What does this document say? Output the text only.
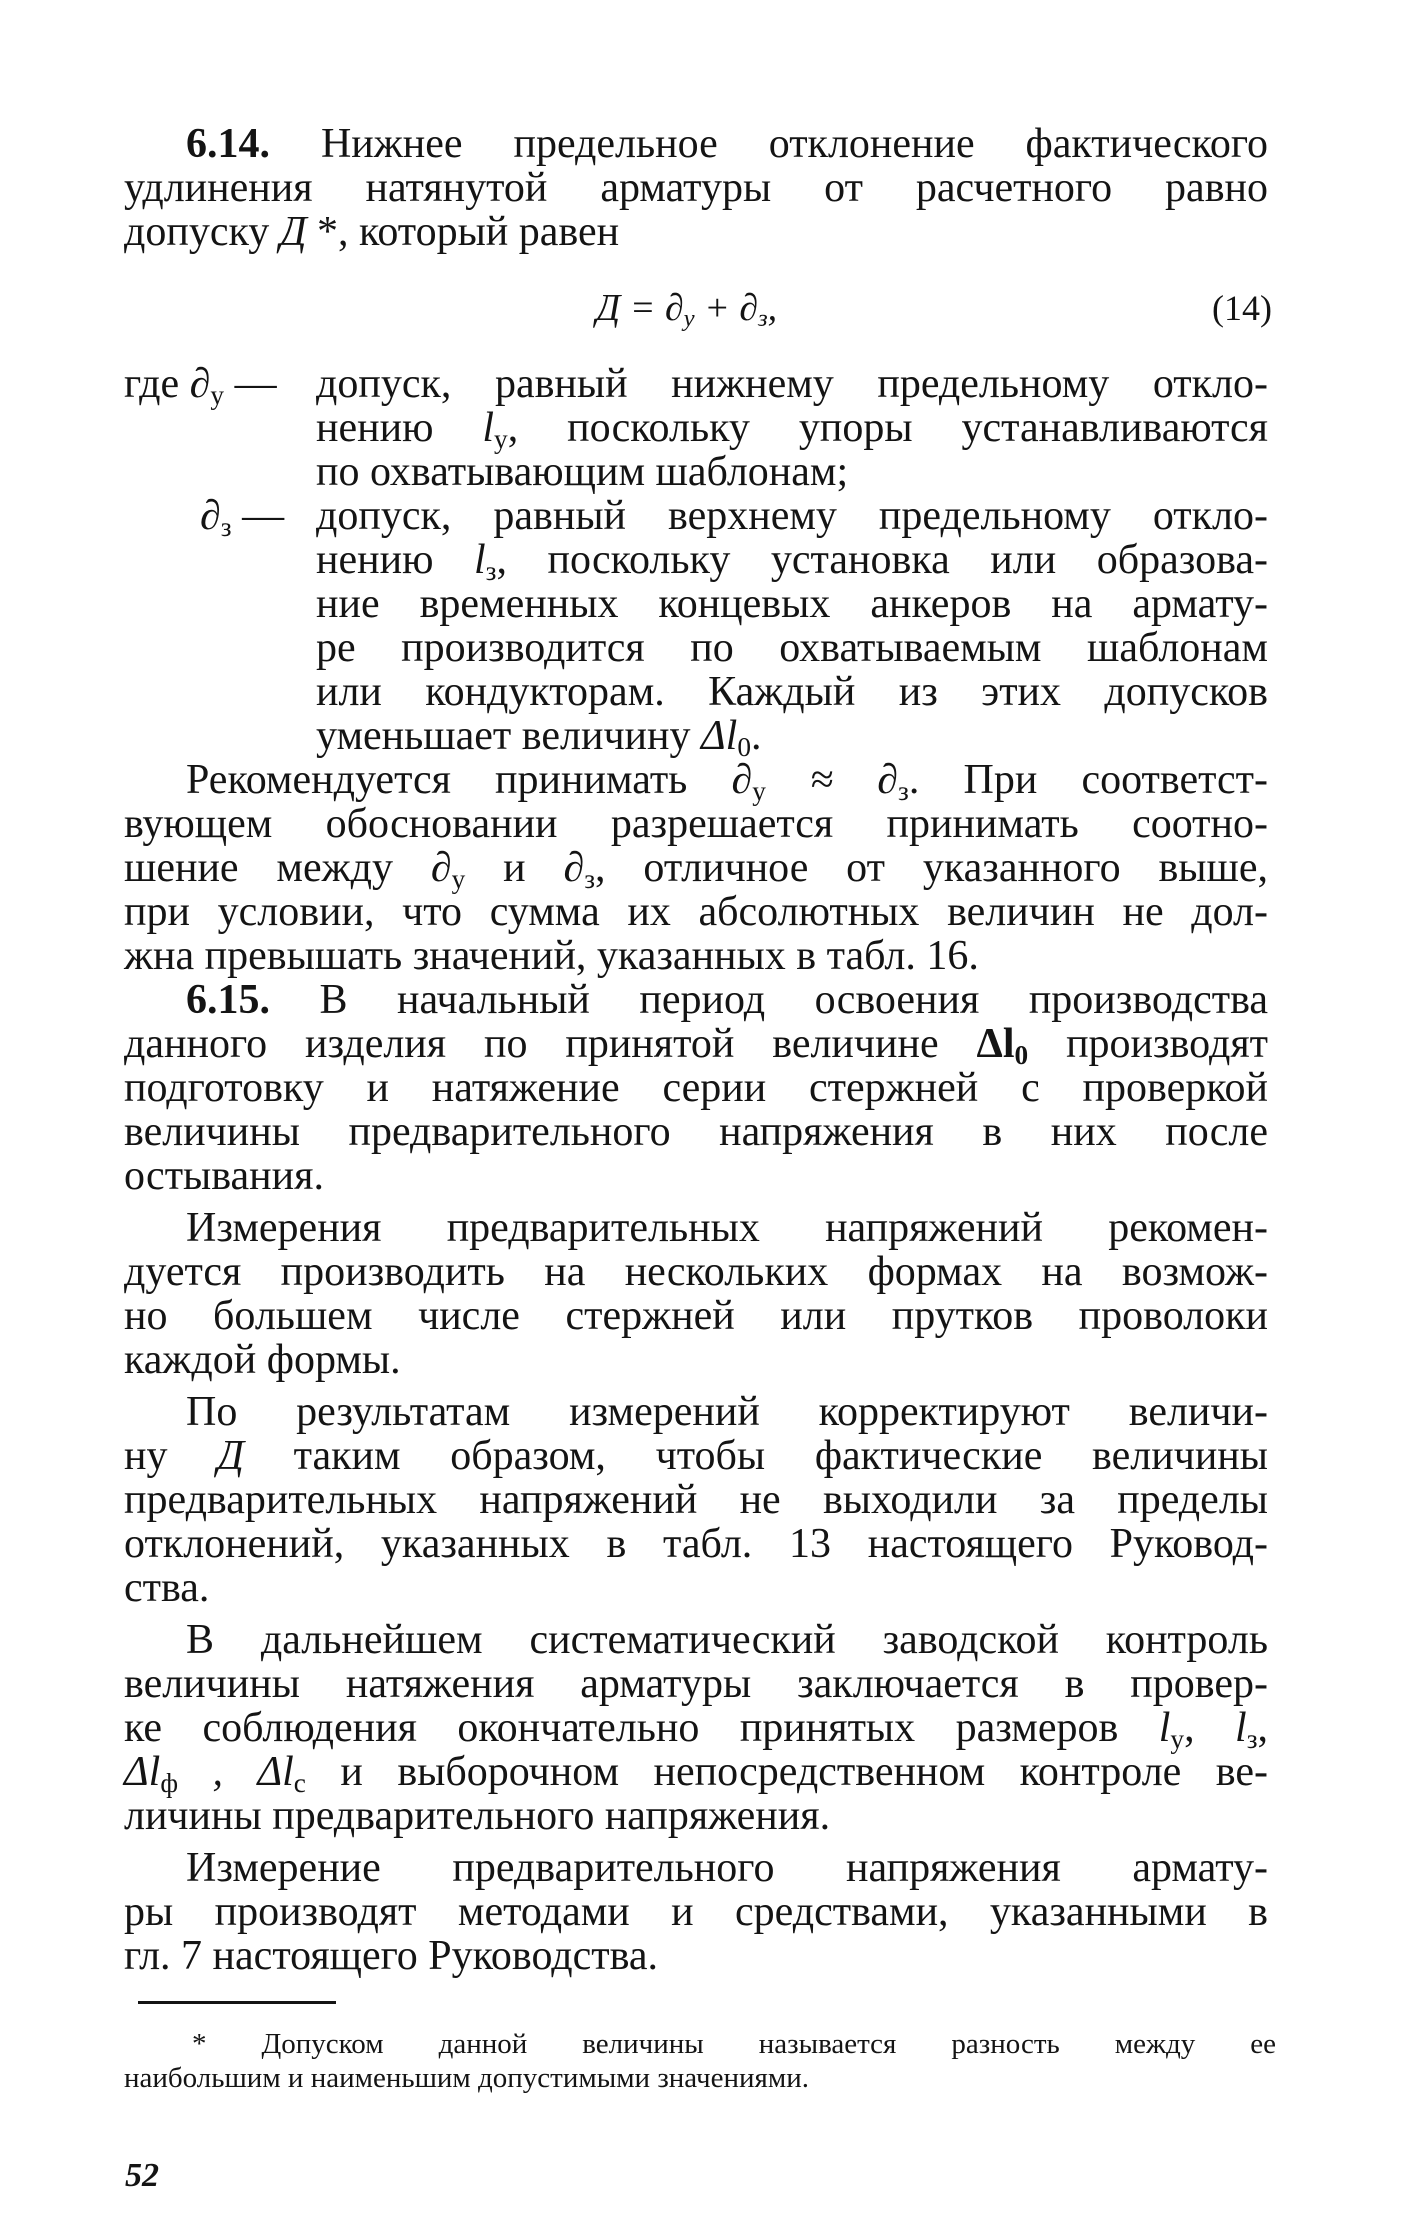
6.14. Нижнее предельное отклонение фактического
удлинения натянутой арматуры от расчетного равно
допуску Д *, который равен
$Д = \partial_у + \partial_з$,	(14)
где $\partial_у$ — допуск, равный нижнему предельному откло-
нению $l_у$, поскольку упоры устанавливаются
по охватывающим шаблонам;
$\partial_з$ — допуск, равный верхнему предельному откло-
нению $l_з$, поскольку установка или образова-
ние временных концевых анкеров на армату-
ре производится по охватываемым шаблонам
или кондукторам. Каждый из этих допусков
уменьшает величину $\Delta l_0$.
Рекомендуется принимать $\partial_у \approx \partial_з$. При соответст-
вующем обосновании разрешается принимать соотно-
шение между $\partial_у$ и $\partial_з$, отличное от указанного выше,
при условии, что сумма их абсолютных величин не дол-
жна превышать значений, указанных в табл. 16.
6.15. В начальный период освоения производства
данного изделия по принятой величине $\Delta l_0$ производят
подготовку и натяжение серии стержней с проверкой
величины предварительного напряжения в них после
остывания.
Измерения предварительных напряжений рекомен-
дуется производить на нескольких формах на возмож-
но большем числе стержней или прутков проволоки
каждой формы.
По результатам измерений корректируют величи-
ну Д таким образом, чтобы фактические величины
предварительных напряжений не выходили за пределы
отклонений, указанных в табл. 13 настоящего Руковод-
ства.
В дальнейшем систематический заводской контроль
величины натяжения арматуры заключается в провер-
ке соблюдения окончательно принятых размеров $l_у$, $l_з$,
$\Delta l_ф$ , $\Delta l_с$ и выборочном непосредственном контроле ве-
личины предварительного напряжения.
Измерение предварительного напряжения армату-
ры производят методами и средствами, указанными в
гл. 7 настоящего Руководства.
* Допуском данной величины называется разность между ее
наибольшим и наименьшим допустимыми значениями.
52
